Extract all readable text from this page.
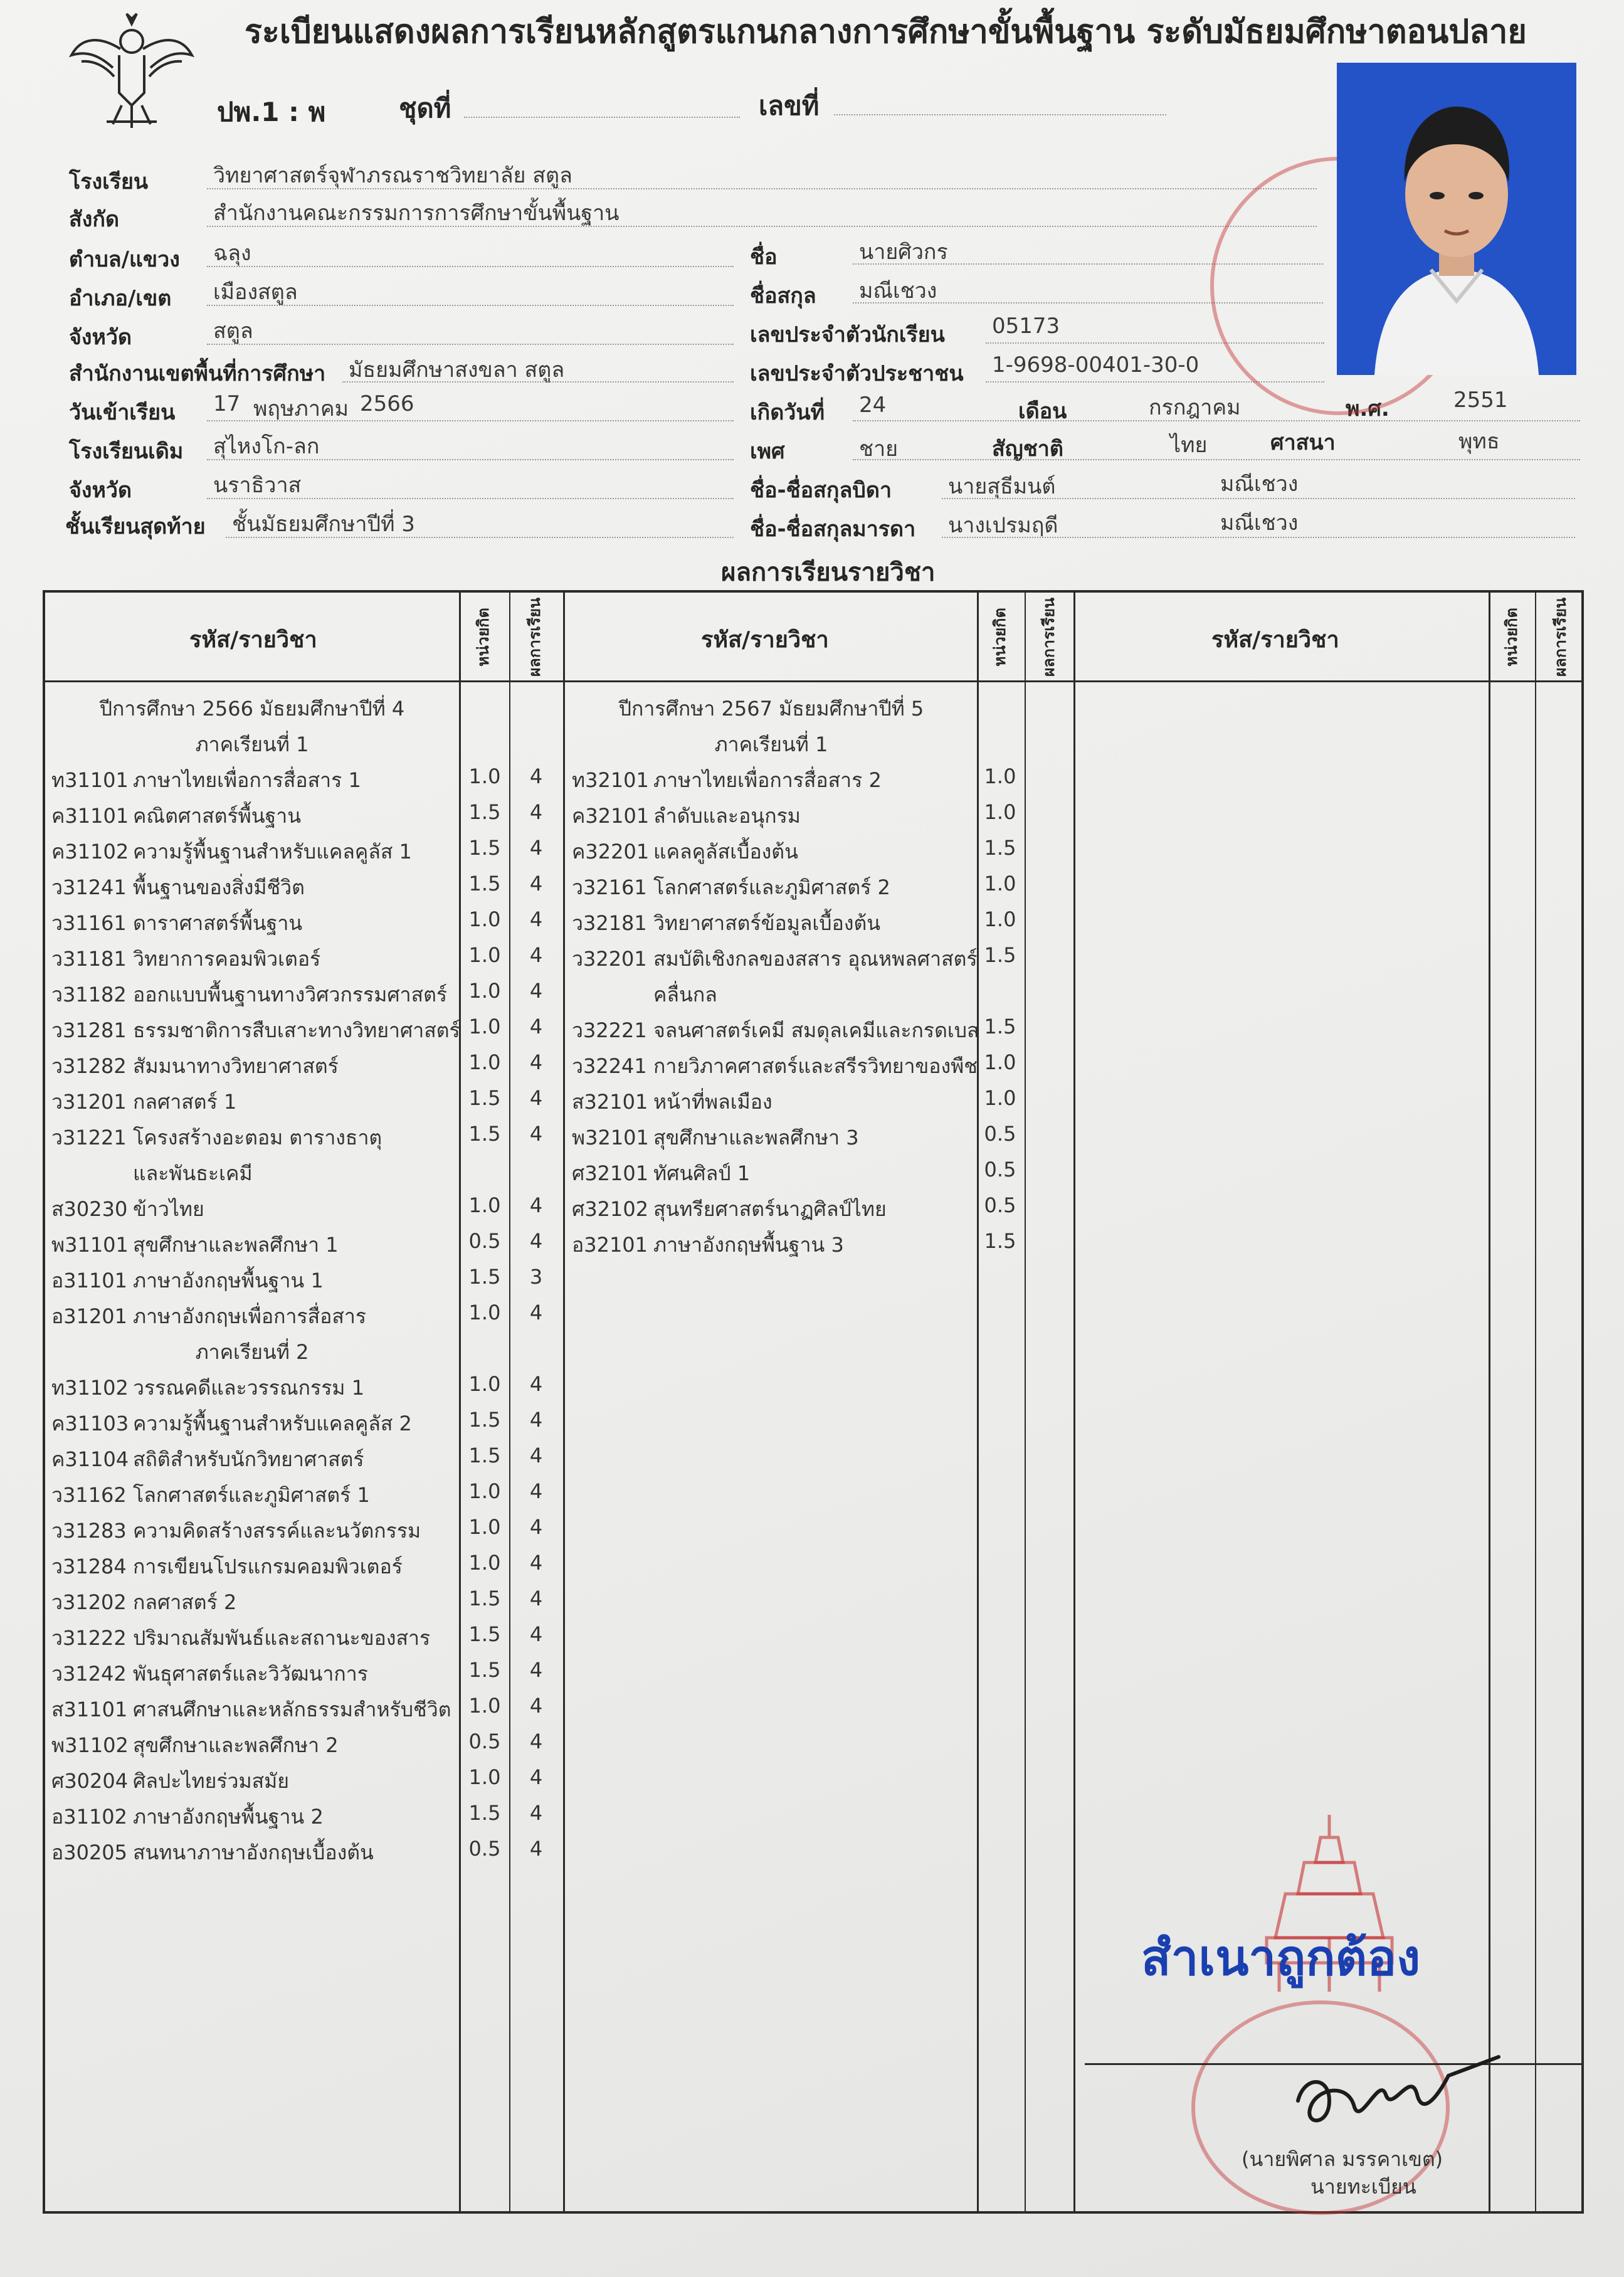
ระเบียนแสดงผลการเรียนหลักสูตรแกนกลางการศึกษาขั้นพื้นฐาน ระดับมัธยมศึกษาตอนปลาย
ปพ.1 : พ	ชุดที่	เลขที่
โรงเรียน	วิทยาศาสตร์จุฬาภรณราชวิทยาลัย สตูล
สังกัด	สำนักงานคณะกรรมการการศึกษาขั้นพื้นฐาน
ตำบล/แขวง ฉลุง
อำเภอ/เขต เมืองสตูล
จังหวัด	สตูล
สำนักงานเขตพื้นที่การศึกษา มัธยมศึกษาสงขลา สตูล
วันเข้าเรียน 17 พฤษภาคม 2566
โรงเรียนเดิม สุไหงโก-ลก
จังหวัด	นราธิวาส
ชั้นเรียนสุดท้าย ชั้นมัธยมศึกษาปีที่ 3
ชื่อ	นายศิวกร
ชื่อสกุล มณีเชวง
เลขประจำตัวนักเรียน 05173
เลขประจำตัวประชาชน 1-9698-00401-30-0
เกิดวันที่ 24	เดือน	กรกฎาคม	พ.ศ.	2551
เพศ	ชาย	สัญชาติ	ไทย	ศาสนา	พุทธ
ชื่อ-ชื่อสกุลบิดา	นายสุธีมนต์	มณีเชวง
ชื่อ-ชื่อสกุลมารดา นางเปรมฤดี	มณีเชวง
ผลการเรียนรายวิชา
รหัส/รายวิชา	หน่วยกิต ผลการเรียน	รหัส/รายวิชา	หน่วยกิต ผลการเรียน	รหัส/รายวิชา	หน่วยกิต ผลการเรียน
ปีการศึกษา 2566 มัธยมศึกษาปีที่ 4
ภาคเรียนที่ 1
ท31101 ภาษาไทยเพื่อการสื่อสาร 1	1.0	4
ค31101 คณิตศาสตร์พื้นฐาน	1.5	4
ค31102 ความรู้พื้นฐานสำหรับแคลคูลัส 1	1.5	4
ว31241 พื้นฐานของสิ่งมีชีวิต	1.5	4
ว31161 ดาราศาสตร์พื้นฐาน	1.0	4
ว31181 วิทยาการคอมพิวเตอร์	1.0	4
ว31182 ออกแบบพื้นฐานทางวิศวกรรมศาสตร์ 1.0	4
ว31281 ธรรมชาติการสืบเสาะทางวิทยาศาสตร์ 1.0	4
ว31282 สัมมนาทางวิทยาศาสตร์	1.0	4
ว31201 กลศาสตร์ 1	1.5	4
ว31221 โครงสร้างอะตอม ตารางธาตุ	1.5	4
และพันธะเคมี
ส30230 ข้าวไทย	1.0	4
พ31101 สุขศึกษาและพลศึกษา 1	0.5	4
อ31101 ภาษาอังกฤษพื้นฐาน 1	1.5	3
อ31201 ภาษาอังกฤษเพื่อการสื่อสาร	1.0	4
ภาคเรียนที่ 2
ท31102 วรรณคดีและวรรณกรรม 1	1.0	4
ค31103 ความรู้พื้นฐานสำหรับแคลคูลัส 2	1.5	4
ค31104 สถิติสำหรับนักวิทยาศาสตร์	1.5	4
ว31162 โลกศาสตร์และภูมิศาสตร์ 1	1.0	4
ว31283 ความคิดสร้างสรรค์และนวัตกรรม 1.0	4
ว31284 การเขียนโปรแกรมคอมพิวเตอร์	1.0	4
ว31202 กลศาสตร์ 2	1.5	4
ว31222 ปริมาณสัมพันธ์และสถานะของสาร 1.5	4
ว31242 พันธุศาสตร์และวิวัฒนาการ	1.5	4
ส31101 ศาสนศึกษาและหลักธรรมสำหรับชีวิต 1.0	4
พ31102 สุขศึกษาและพลศึกษา 2	0.5	4
ศ30204 ศิลปะไทยร่วมสมัย	1.0	4
อ31102 ภาษาอังกฤษพื้นฐาน 2	1.5	4
อ30205 สนทนาภาษาอังกฤษเบื้องต้น	0.5	4
ปีการศึกษา 2567 มัธยมศึกษาปีที่ 5
ภาคเรียนที่ 1
ท32101 ภาษาไทยเพื่อการสื่อสาร 2	1.0
ค32101 ลำดับและอนุกรม	1.0
ค32201 แคลคูลัสเบื้องต้น	1.5
ว32161 โลกศาสตร์และภูมิศาสตร์ 2	1.0
ว32181 วิทยาศาสตร์ข้อมูลเบื้องต้น	1.0
ว32201 สมบัติเชิงกลของสสาร อุณหพลศาสตร์ 1.5
คลื่นกล
ว32221 จลนศาสตร์เคมี สมดุลเคมีและกรดเบส 1.5
ว32241 กายวิภาคศาสตร์และสรีรวิทยาของพืช 1.0
ส32101 หน้าที่พลเมือง	1.0
พ32101 สุขศึกษาและพลศึกษา 3	0.5
ศ32101 ทัศนศิลป์ 1	0.5
ศ32102 สุนทรียศาสตร์นาฏศิลป์ไทย	0.5
อ32101 ภาษาอังกฤษพื้นฐาน 3	1.5
สำเนาถูกต้อง
(นายพิศาล มรรคาเขต)
นายทะเบียน
